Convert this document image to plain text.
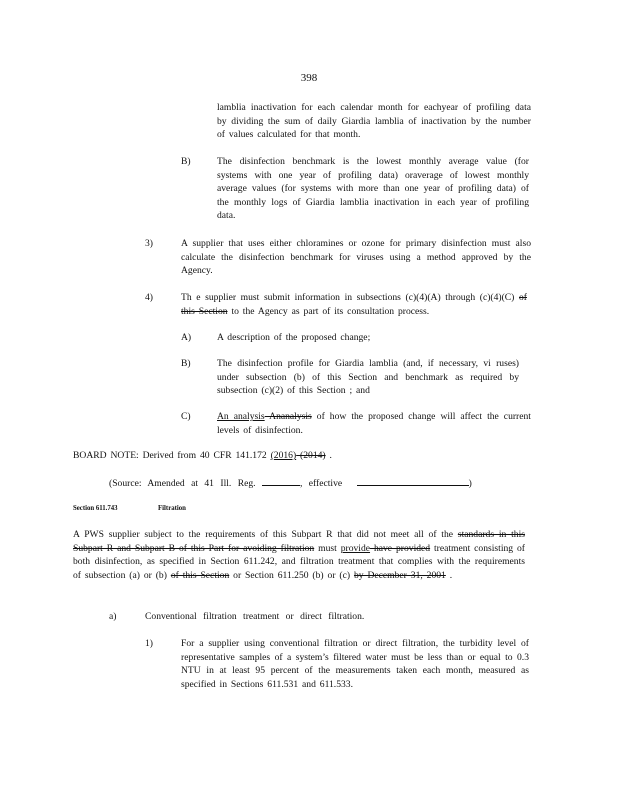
398
lamblia inactivation for each calendar month for eachyear of profiling data by dividing the sum of daily Giardia lamblia of inactivation by the number of values calculated for that month.
B)	The disinfection benchmark is the lowest monthly average value (for systems with one year of profiling data) oraverage of lowest monthly average values (for systems with more than one year of profiling data) of the monthly logs of Giardia lamblia inactivation in each year of profiling data.
3)	A supplier that uses either chloramines or ozone for primary disinfection must also calculate the disinfection benchmark for viruses using a method approved by the Agency.
4)	Th e supplier must submit information in subsections (c)(4)(A) through (c)(4)(C) of this Section to the Agency as part of its consultation process.
A)	A description of the proposed change;
B)	The disinfection profile for Giardia lamblia (and, if necessary, vi ruses) under subsection (b) of this Section and benchmark as required by subsection (c)(2) of this Section ; and
C)	An analysis Ananalysis of how the proposed change will affect the current levels of disinfection.
BOARD NOTE: Derived from 40 CFR 141.172 (2016) (2014) .
(Source: Amended at 41 Ill. Reg.	, effective	)
Section 611.743	Filtration
A PWS supplier subject to the requirements of this Subpart R that did not meet all of the standards in this Subpart R and Subpart B of this Part for avoiding filtration must provide have provided treatment consisting of both disinfection, as specified in Section 611.242, and filtration treatment that complies with the requirements of subsection (a) or (b) of this Section or Section 611.250 (b) or (c) by December 31, 2001 .
a)	Conventional filtration treatment or direct filtration.
1)	For a supplier using conventional filtration or direct filtration, the turbidity level of representative samples of a system’s filtered water must be less than or equal to 0.3 NTU in at least 95 percent of the measurements taken each month, measured as specified in Sections 611.531 and 611.533.
